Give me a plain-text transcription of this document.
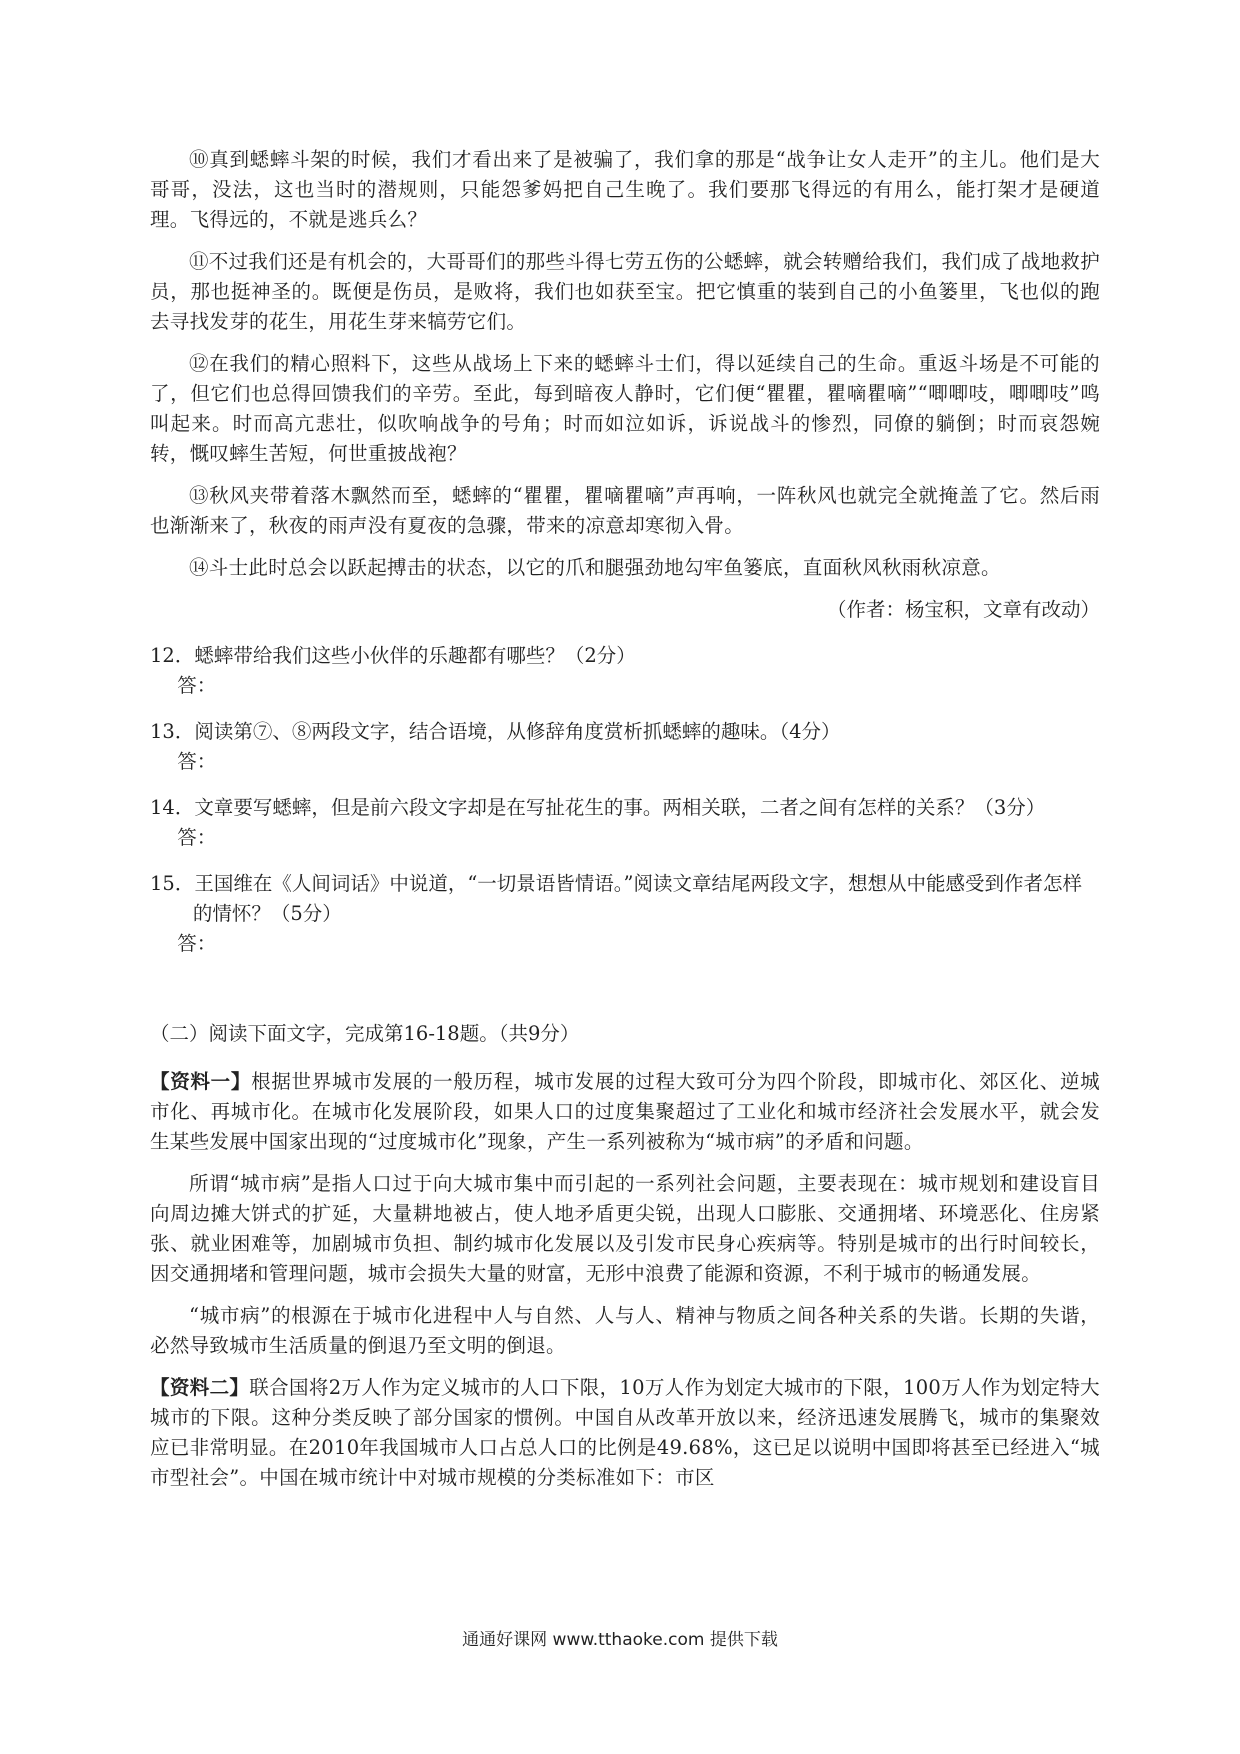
⑩真到蟋蟀斗架的时候，我们才看出来了是被骗了，我们拿的那是“战争让女人走开”的主儿。他们是大哥哥，没法，这也当时的潜规则，只能怨爹妈把自己生晚了。我们要那飞得远的有用么，能打架才是硬道理。飞得远的，不就是逃兵么？

⑪不过我们还是有机会的，大哥哥们的那些斗得七劳五伤的公蟋蟀，就会转赠给我们，我们成了战地救护员，那也挺神圣的。既便是伤员，是败将，我们也如获至宝。把它慎重的装到自己的小鱼篓里，飞也似的跑去寻找发芽的花生，用花生芽来犒劳它们。

⑫在我们的精心照料下，这些从战场上下来的蟋蟀斗士们，得以延续自己的生命。重返斗场是不可能的了，但它们也总得回馈我们的辛劳。至此，每到暗夜人静时，它们便“瞿瞿，瞿嘀瞿嘀”“唧唧吱，唧唧吱”鸣叫起来。时而高亢悲壮，似吹响战争的号角；时而如泣如诉，诉说战斗的惨烈，同僚的躺倒；时而哀怨婉转，慨叹蟀生苦短，何世重披战袍？

⑬秋风夹带着落木飘然而至，蟋蟀的“瞿瞿，瞿嘀瞿嘀”声再响，一阵秋风也就完全就掩盖了它。然后雨也渐渐来了，秋夜的雨声没有夏夜的急骤，带来的凉意却寒彻入骨。

⑭斗士此时总会以跃起搏击的状态，以它的爪和腿强劲地勾牢鱼篓底，直面秋风秋雨秋凉意。

（作者：杨宝积，文章有改动）

12．蟋蟀带给我们这些小伙伴的乐趣都有哪些？（2分）

答：

13．阅读第⑦、⑧两段文字，结合语境，从修辞角度赏析抓蟋蟀的趣味。（4分）

答：

14．文章要写蟋蟀，但是前六段文字却是在写扯花生的事。两相关联，二者之间有怎样的关系？（3分）

答：

15．王国维在《人间词话》中说道，“一切景语皆情语。”阅读文章结尾两段文字，想想从中能感受到作者怎样的情怀？（5分）

答：

（二）阅读下面文字，完成第16-18题。（共9分）

【资料一】根据世界城市发展的一般历程，城市发展的过程大致可分为四个阶段，即城市化、郊区化、逆城市化、再城市化。在城市化发展阶段，如果人口的过度集聚超过了工业化和城市经济社会发展水平，就会发生某些发展中国家出现的“过度城市化”现象，产生一系列被称为“城市病”的矛盾和问题。

所谓“城市病”是指人口过于向大城市集中而引起的一系列社会问题，主要表现在：城市规划和建设盲目向周边摊大饼式的扩延，大量耕地被占，使人地矛盾更尖锐，出现人口膨胀、交通拥堵、环境恶化、住房紧张、就业困难等，加剧城市负担、制约城市化发展以及引发市民身心疾病等。特别是城市的出行时间较长，因交通拥堵和管理问题，城市会损失大量的财富，无形中浪费了能源和资源，不利于城市的畅通发展。

“城市病”的根源在于城市化进程中人与自然、人与人、精神与物质之间各种关系的失谐。长期的失谐，必然导致城市生活质量的倒退乃至文明的倒退。

【资料二】联合国将2万人作为定义城市的人口下限，10万人作为划定大城市的下限，100万人作为划定特大城市的下限。这种分类反映了部分国家的惯例。中国自从改革开放以来，经济迅速发展腾飞，城市的集聚效应已非常明显。在2010年我国城市人口占总人口的比例是49.68%，这已足以说明中国即将甚至已经进入“城市型社会”。中国在城市统计中对城市规模的分类标准如下：市区

通通好课网 www.tthaoke.com 提供下载
